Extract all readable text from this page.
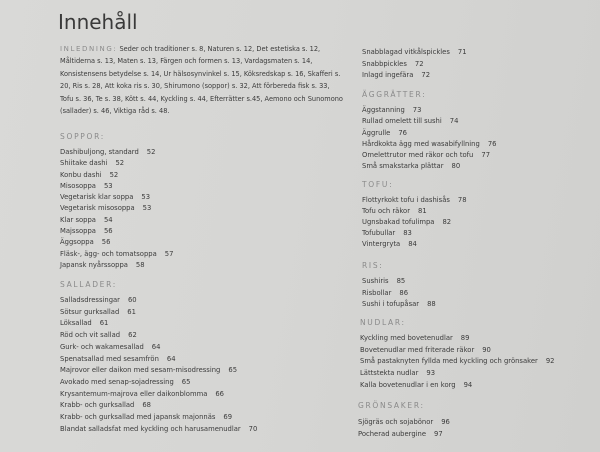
Innehåll
INLEDNING: Seder och traditioner s. 8, Naturen s. 12, Det estetiska s. 12, Måltiderna s. 13, Maten s. 13, Färgen och formen s. 13, Vardagsmaten s. 14, Konsistensens betydelse s. 14, Ur hälsosynvinkel s. 15, Köksredskap s. 16, Skafferi s. 20, Ris s. 28, Att koka ris s. 30, Shirumono (soppor) s. 32, Att förbereda fisk s. 33, Tofu s. 36, Te s. 38, Kött s. 44, Kyckling s. 44, Efterrätter s.45, Aemono och Sunomono (sallader) s. 46, Viktiga råd s. 48.
SOPPOR:
Dashibuljong, standard 52
Shiitake dashi 52
Konbu dashi 52
Misosoppa 53
Vegetarisk klar soppa 53
Vegetarisk misosoppa 53
Klar soppa 54
Majssoppa 56
Äggsoppa 56
Fläsk-, ägg- och tomatsoppa 57
Japansk nyårssoppa 58
SALLADER:
Salladsdressingar 60
Sötsur gurksallad 61
Löksallad 61
Röd och vit sallad 62
Gurk- och wakamesallad 64
Spenatsallad med sesamfrön 64
Majrovor eller daikon med sesam-misodressing 65
Avokado med senap-sojadressing 65
Krysantemum-majrova eller daikonblomma 66
Krabb- och gurksallad 68
Krabb- och gurksallad med japansk majonnäs 69
Blandat salladsfat med kyckling och harusamenudlar 70
Snabblagad vitkålspickles 71
Snabbpickles 72
Inlagd ingefära 72
ÄGGRÄTTER:
Äggstanning 73
Rullad omelett till sushi 74
Äggrulle 76
Hårdkokta ägg med wasabifyllning 76
Omelettrutor med räkor och tofu 77
Små smakstarka plättar 80
TOFU:
Flottyrkokt tofu i dashisås 78
Tofu och räkor 81
Ugnsbakad tofulimpa 82
Tofubullar 83
Vintergryta 84
RIS:
Sushiris 85
Risbollar 86
Sushi i tofupåsar 88
NUDLAR:
Kyckling med bovetenudlar 89
Bovetenudlar med friterade räkor 90
Små pastaknyten fyllda med kyckling och grönsaker 92
Lättstekta nudlar 93
Kalla bovetenudlar i en korg 94
GRÖNSAKER:
Sjögräs och sojabönor 96
Pocherad aubergine 97
